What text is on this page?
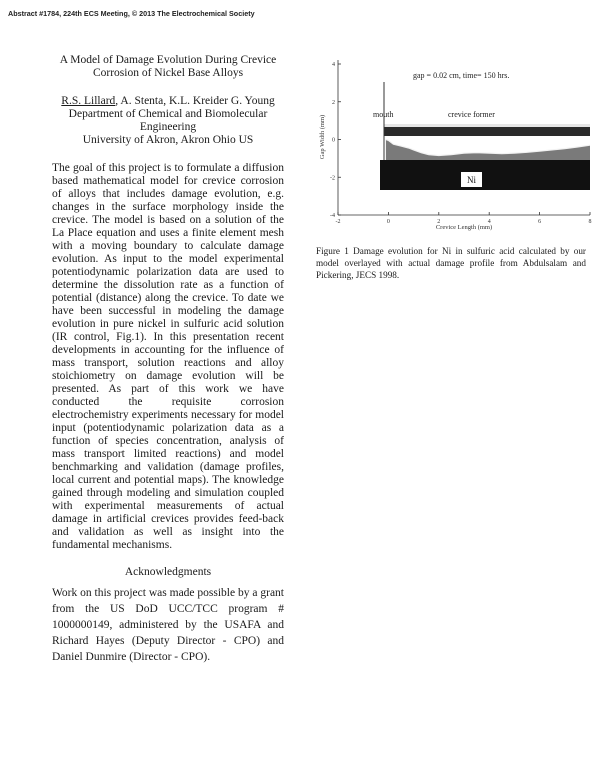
Abstract #1784, 224th ECS Meeting, © 2013 The Electrochemical Society
A Model of Damage Evolution During Crevice Corrosion of Nickel Base Alloys
R.S. Lillard, A. Stenta, K.L. Kreider G. Young
Department of Chemical and Biomolecular
Engineering
University of Akron, Akron Ohio US
The goal of this project is to formulate a diffusion based mathematical model for crevice corrosion of alloys that includes damage evolution, e.g. changes in the surface morphology inside the crevice. The model is based on a solution of the La Place equation and uses a finite element mesh with a moving boundary to calculate damage evolution. As input to the model experimental potentiodynamic polarization data are used to determine the dissolution rate as a function of potential (distance) along the crevice. To date we have been successful in modeling the damage evolution in pure nickel in sulfuric acid solution (IR control, Fig.1). In this presentation recent developments in accounting for the influence of mass transport, solution reactions and alloy stoichiometry on damage evolution will be presented. As part of this work we have conducted the requisite corrosion electrochemistry experiments necessary for model input (potentiodynamic polarization data as a function of species concentration, analysis of mass transport limited reactions) and model benchmarking and validation (damage profiles, local current and potential maps). The knowledge gained through modeling and simulation coupled with experimental measurements of actual damage in artificial crevices provides feed-back and validation as well as insight into the fundamental mechanisms.
Acknowledgments
Work on this project was made possible by a grant from the US DoD UCC/TCC program # 1000000149, administered by the USAFA and Richard Hayes (Deputy Director - CPO) and Daniel Dunmire (Director - CPO).
4
2
0
-2
-4
-2	0	2	4	6	8
Gap Width (mm)
Crevice Length (mm)
gap = 0.02 cm, time= 150 hrs.
mouth	crevice former
Ni
Figure 1 Damage evolution for Ni in sulfuric acid calculated by our model overlayed with actual damage profile from Abdulsalam and Pickering, JECS 1998.
